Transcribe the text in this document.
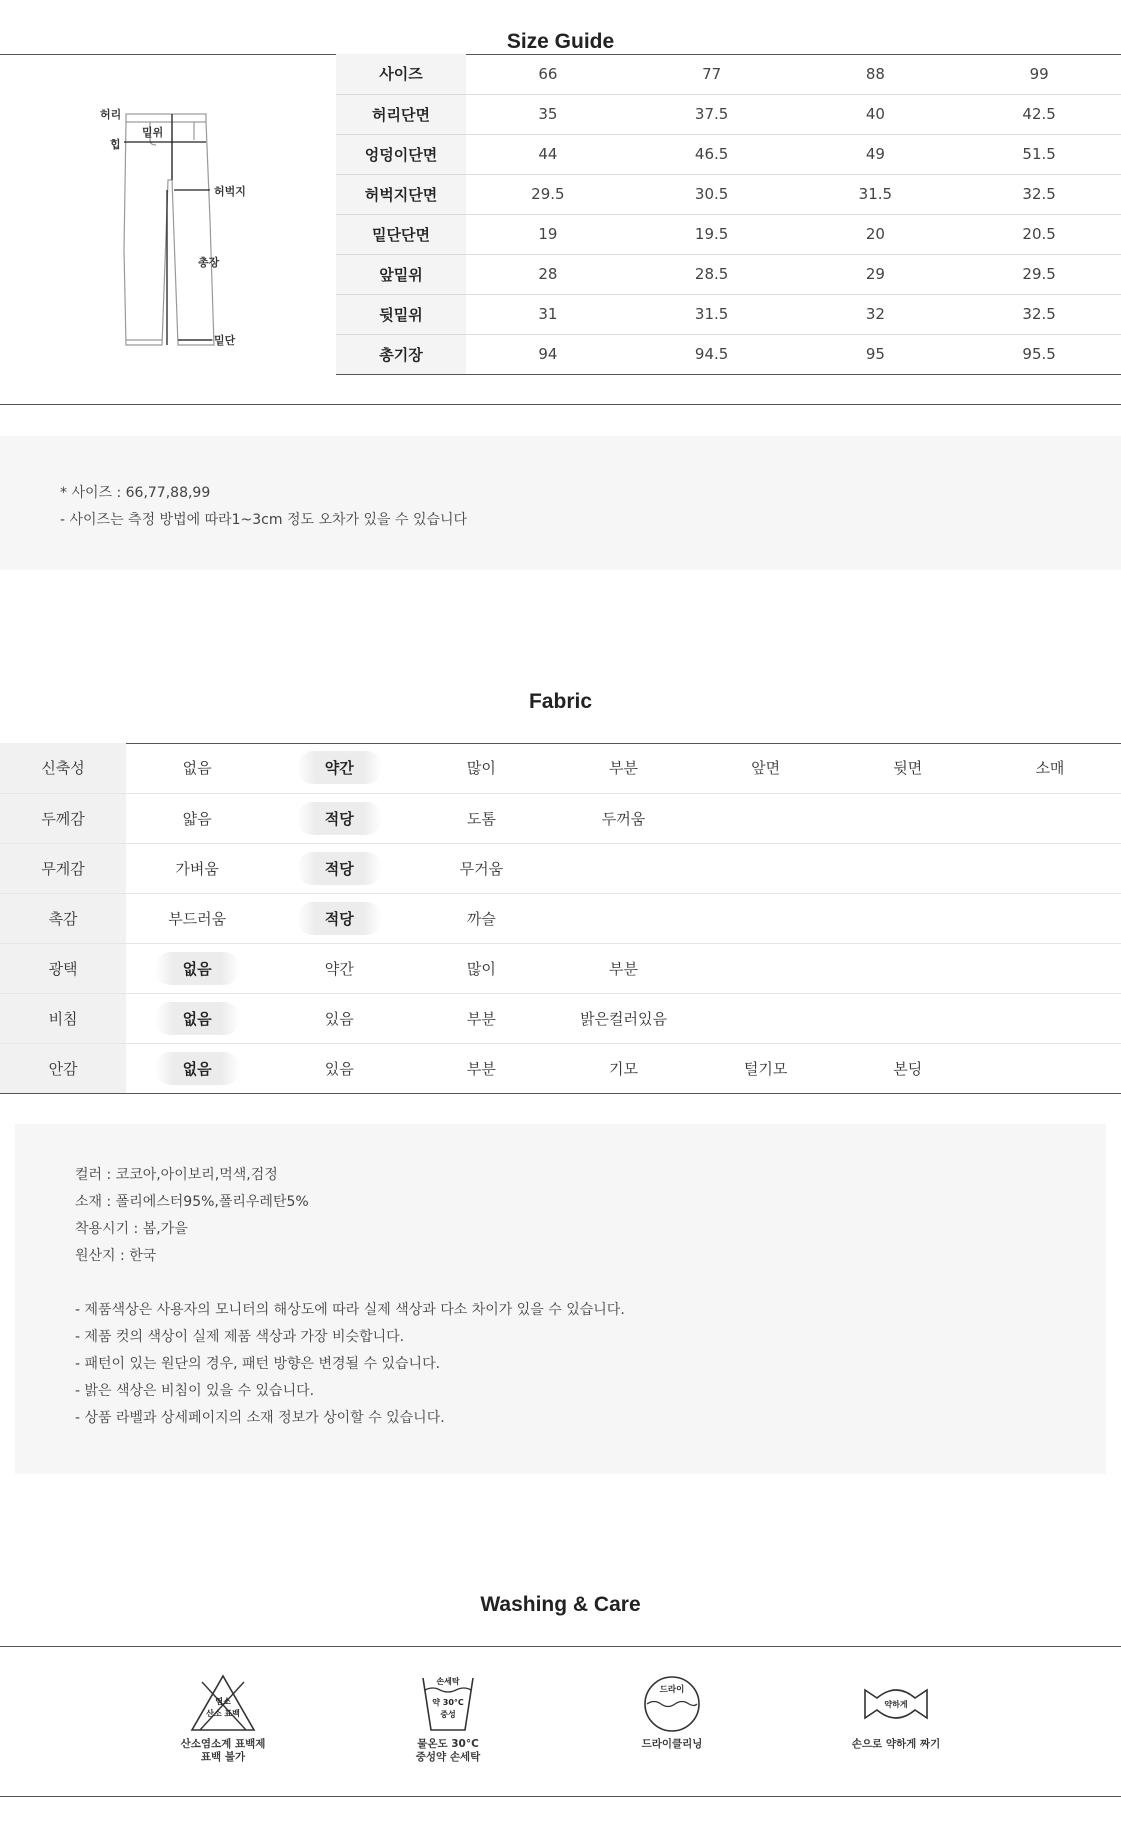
Size Guide
허리
힙
밑위
허벅지
총장
밑단
사이즈	66	77	88	99
허리단면	35	37.5	40	42.5
엉덩이단면	44	46.5	49	51.5
허벅지단면	29.5	30.5	31.5	32.5
밑단단면	19	19.5	20	20.5
앞밑위	28	28.5	29	29.5
뒷밑위	31	31.5	32	32.5
총기장	94	94.5	95	95.5
* 사이즈 : 66,77,88,99
- 사이즈는 측정 방법에 따라1~3cm 정도 오차가 있을 수 있습니다
Fabric
신축성	없음	약간	많이	부분	앞면	뒷면	소매
두께감	얇음	적당	도톰	두꺼움			
무게감	가벼움	적당	무거움				
촉감	부드러움	적당	까슬				
광택	없음	약간	많이	부분			
비침	없음	있음	부분	밝은컬러있음			
안감	없음	있음	부분	기모	털기모	본딩	
컬러 : 코코아,아이보리,먹색,검정
소재 : 폴리에스터95%,폴리우레탄5%
착용시기 : 봄,가을
원산지 : 한국
- 제품색상은 사용자의 모니터의 해상도에 따라 실제 색상과 다소 차이가 있을 수 있습니다.
- 제품 컷의 색상이 실제 제품 색상과 가장 비슷합니다.
- 패턴이 있는 원단의 경우, 패턴 방향은 변경될 수 있습니다.
- 밝은 색상은 비침이 있을 수 있습니다.
- 상품 라벨과 상세페이지의 소재 정보가 상이할 수 있습니다.
Washing & Care
염소
산소 표백
산소염소계 표백제
표백 불가
손세탁
약 30°C
중성
물온도 30°C
중성약 손세탁
드라이
드라이클리닝
약하게
손으로 약하게 짜기
